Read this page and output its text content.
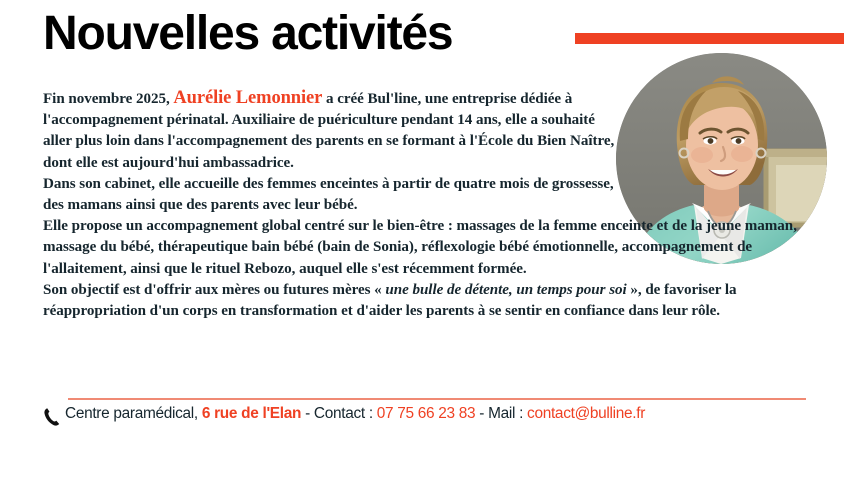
Nouvelles activités

Fin novembre 2025, Aurélie Lemonnier a créé Bul'line, une entreprise dédiée à l'accompagnement périnatal. Auxiliaire de puériculture pendant 14 ans, elle a souhaité aller plus loin dans l'accompagnement des parents en se formant à l'École du Bien Naître, dont elle est aujourd'hui ambassadrice.

Dans son cabinet, elle accueille des femmes enceintes à partir de quatre mois de grossesse, des mamans ainsi que des parents avec leur bébé.

Elle propose un accompagnement global centré sur le bien-être : massages de la femme enceinte et de la jeune maman, massage du bébé, thérapeutique bain bébé (bain de Sonia), réflexologie bébé émotionnelle, accompagnement de l'allaitement, ainsi que le rituel Rebozo, auquel elle s'est récemment formée.

Son objectif est d'offrir aux mères ou futures mères « une bulle de détente, un temps pour soi », de favoriser la réappropriation d'un corps en transformation et d'aider les parents à se sentir en confiance dans leur rôle.

Centre paramédical, 6 rue de l'Elan - Contact : 07 75 66 23 83 - Mail : contact@bulline.fr
